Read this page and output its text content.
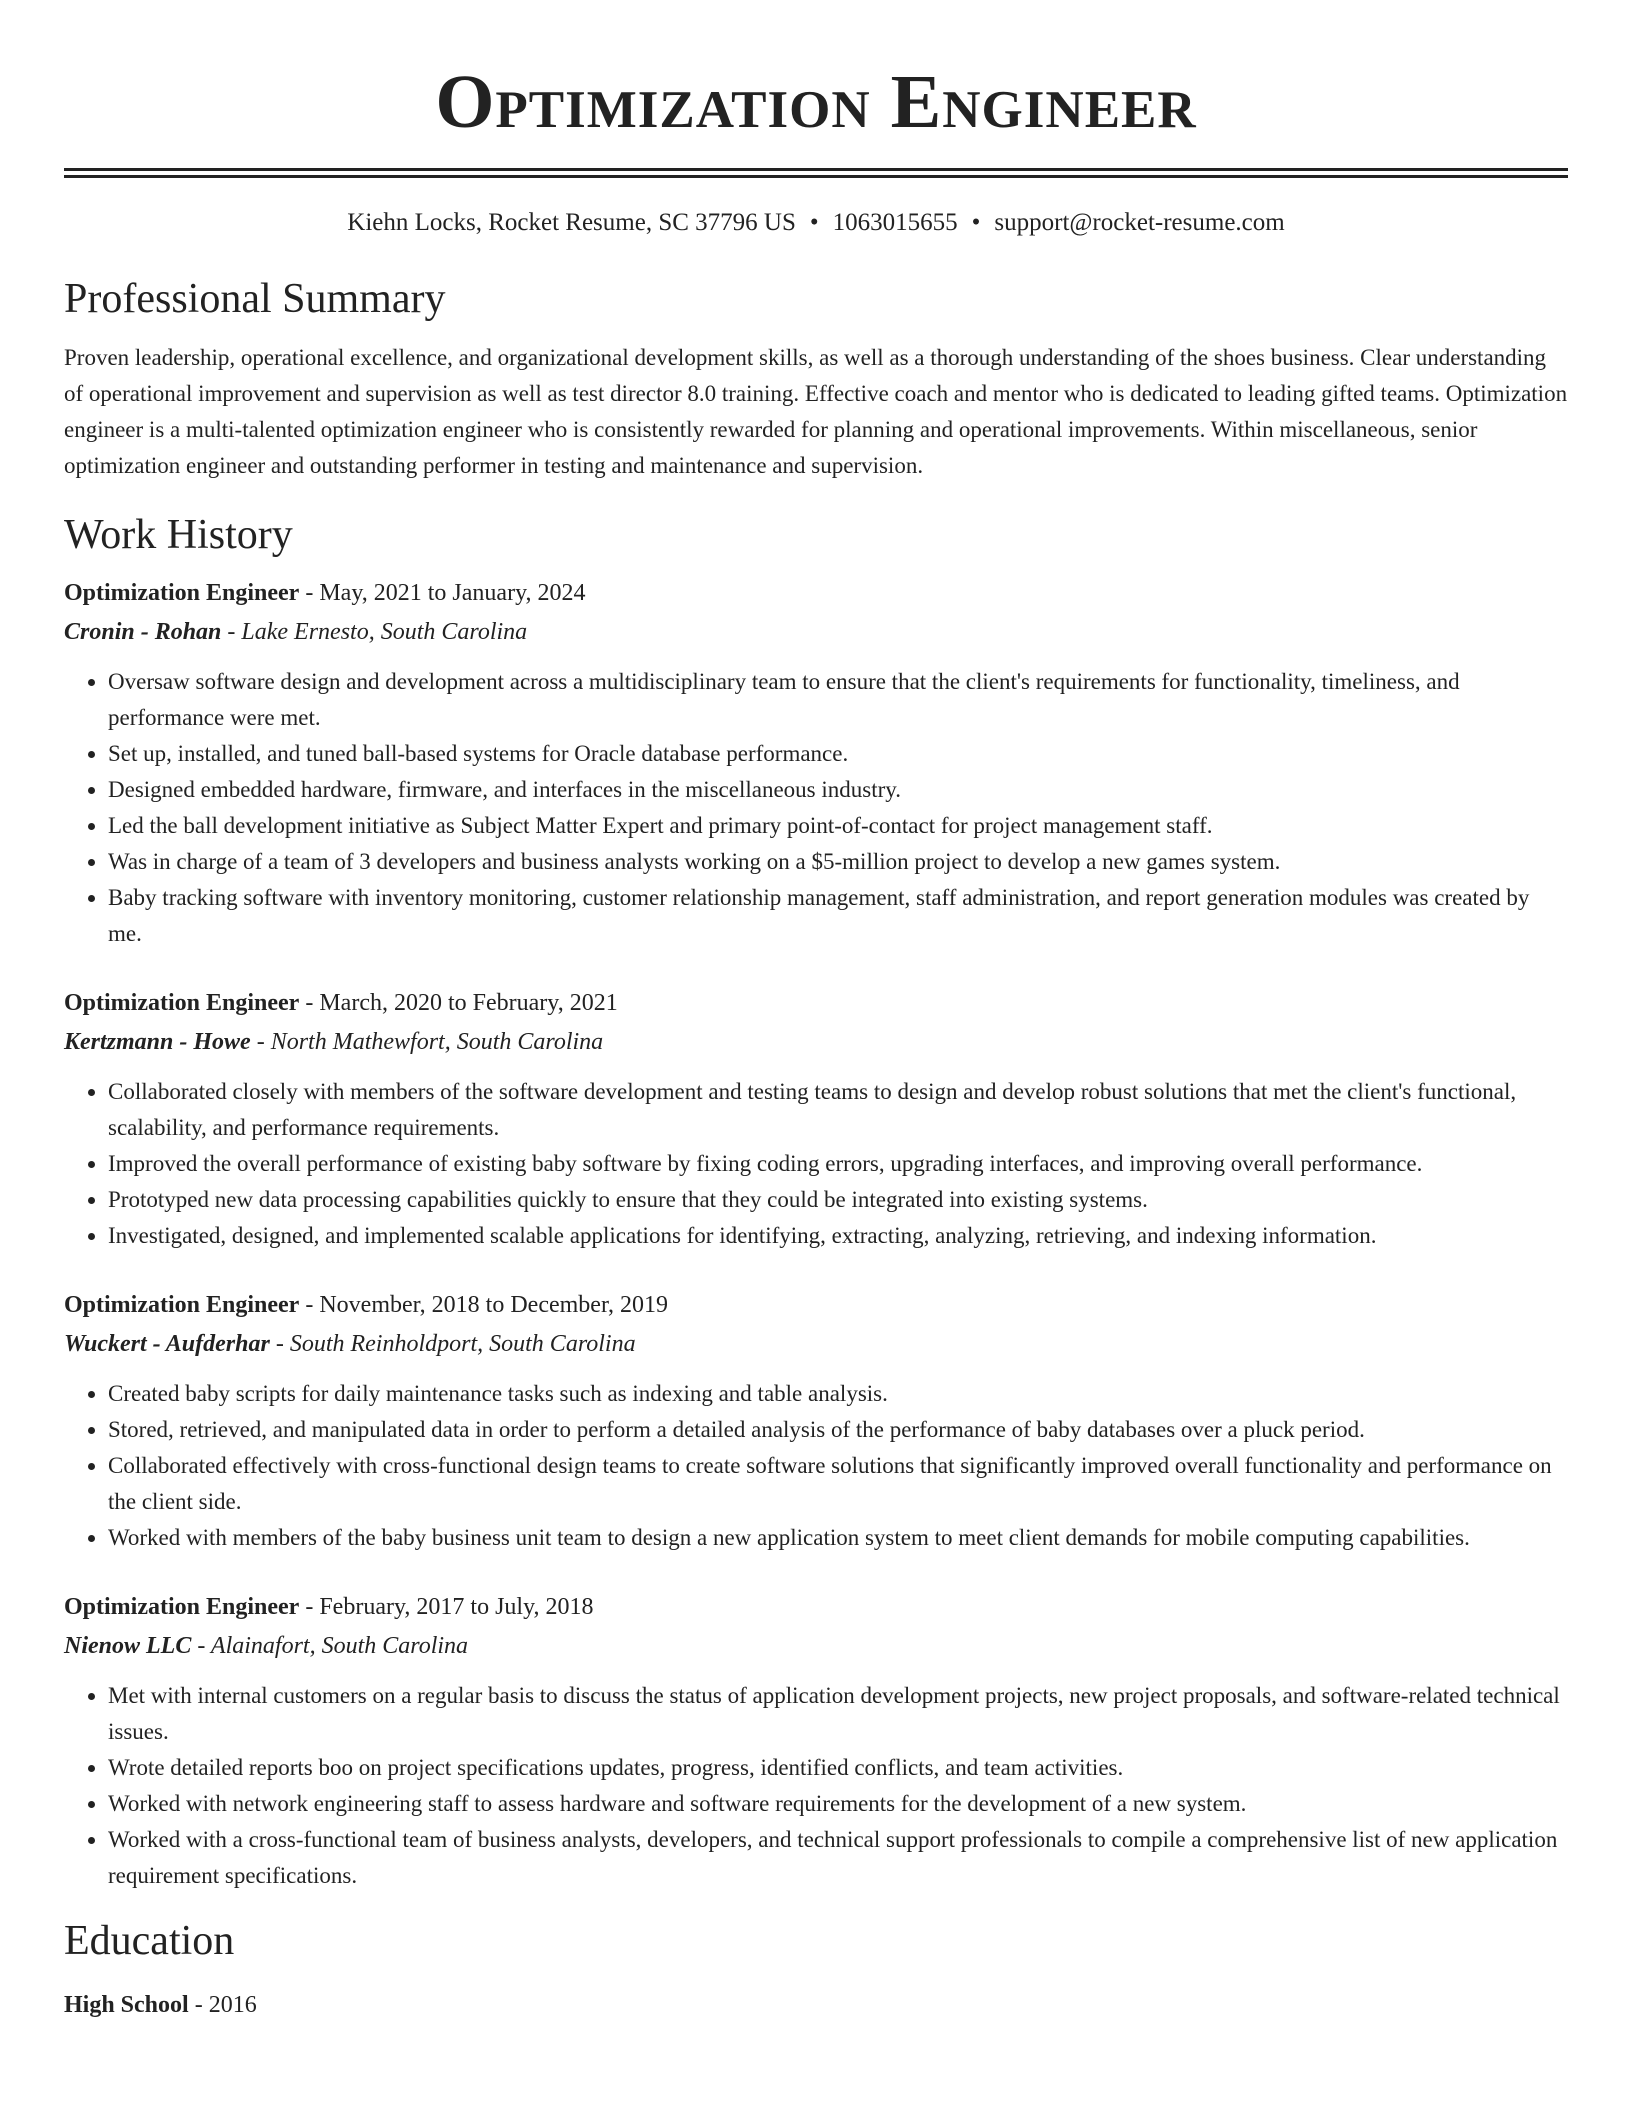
Optimization Engineer
Kiehn Locks, Rocket Resume, SC 37796 US • 1063015655 • support@rocket-resume.com
Professional Summary

Proven leadership, operational excellence, and organizational development skills, as well as a thorough understanding of the shoes business. Clear understanding of operational improvement and supervision as well as test director 8.0 training. Effective coach and mentor who is dedicated to leading gifted teams. Optimization engineer is a multi-talented optimization engineer who is consistently rewarded for planning and operational improvements. Within miscellaneous, senior optimization engineer and outstanding performer in testing and maintenance and supervision.

Work History
Optimization Engineer - May, 2021 to January, 2024
Cronin - Rohan - Lake Ernesto, South Carolina
• Oversaw software design and development across a multidisciplinary team to ensure that the client's requirements for functionality, timeliness, and performance were met.
• Set up, installed, and tuned ball-based systems for Oracle database performance.
• Designed embedded hardware, firmware, and interfaces in the miscellaneous industry.
• Led the ball development initiative as Subject Matter Expert and primary point-of-contact for project management staff.
• Was in charge of a team of 3 developers and business analysts working on a $5-million project to develop a new games system.
• Baby tracking software with inventory monitoring, customer relationship management, staff administration, and report generation modules was created by me.
Optimization Engineer - March, 2020 to February, 2021
Kertzmann - Howe - North Mathewfort, South Carolina
• Collaborated closely with members of the software development and testing teams to design and develop robust solutions that met the client's functional, scalability, and performance requirements.
• Improved the overall performance of existing baby software by fixing coding errors, upgrading interfaces, and improving overall performance.
• Prototyped new data processing capabilities quickly to ensure that they could be integrated into existing systems.
• Investigated, designed, and implemented scalable applications for identifying, extracting, analyzing, retrieving, and indexing information.
Optimization Engineer - November, 2018 to December, 2019
Wuckert - Aufderhar - South Reinholdport, South Carolina
• Created baby scripts for daily maintenance tasks such as indexing and table analysis.
• Stored, retrieved, and manipulated data in order to perform a detailed analysis of the performance of baby databases over a pluck period.
• Collaborated effectively with cross-functional design teams to create software solutions that significantly improved overall functionality and performance on the client side.
• Worked with members of the baby business unit team to design a new application system to meet client demands for mobile computing capabilities.
Optimization Engineer - February, 2017 to July, 2018
Nienow LLC - Alainafort, South Carolina
• Met with internal customers on a regular basis to discuss the status of application development projects, new project proposals, and software-related technical issues.
• Wrote detailed reports boo on project specifications updates, progress, identified conflicts, and team activities.
• Worked with network engineering staff to assess hardware and software requirements for the development of a new system.
• Worked with a cross-functional team of business analysts, developers, and technical support professionals to compile a comprehensive list of new application requirement specifications.
Education
High School - 2016
